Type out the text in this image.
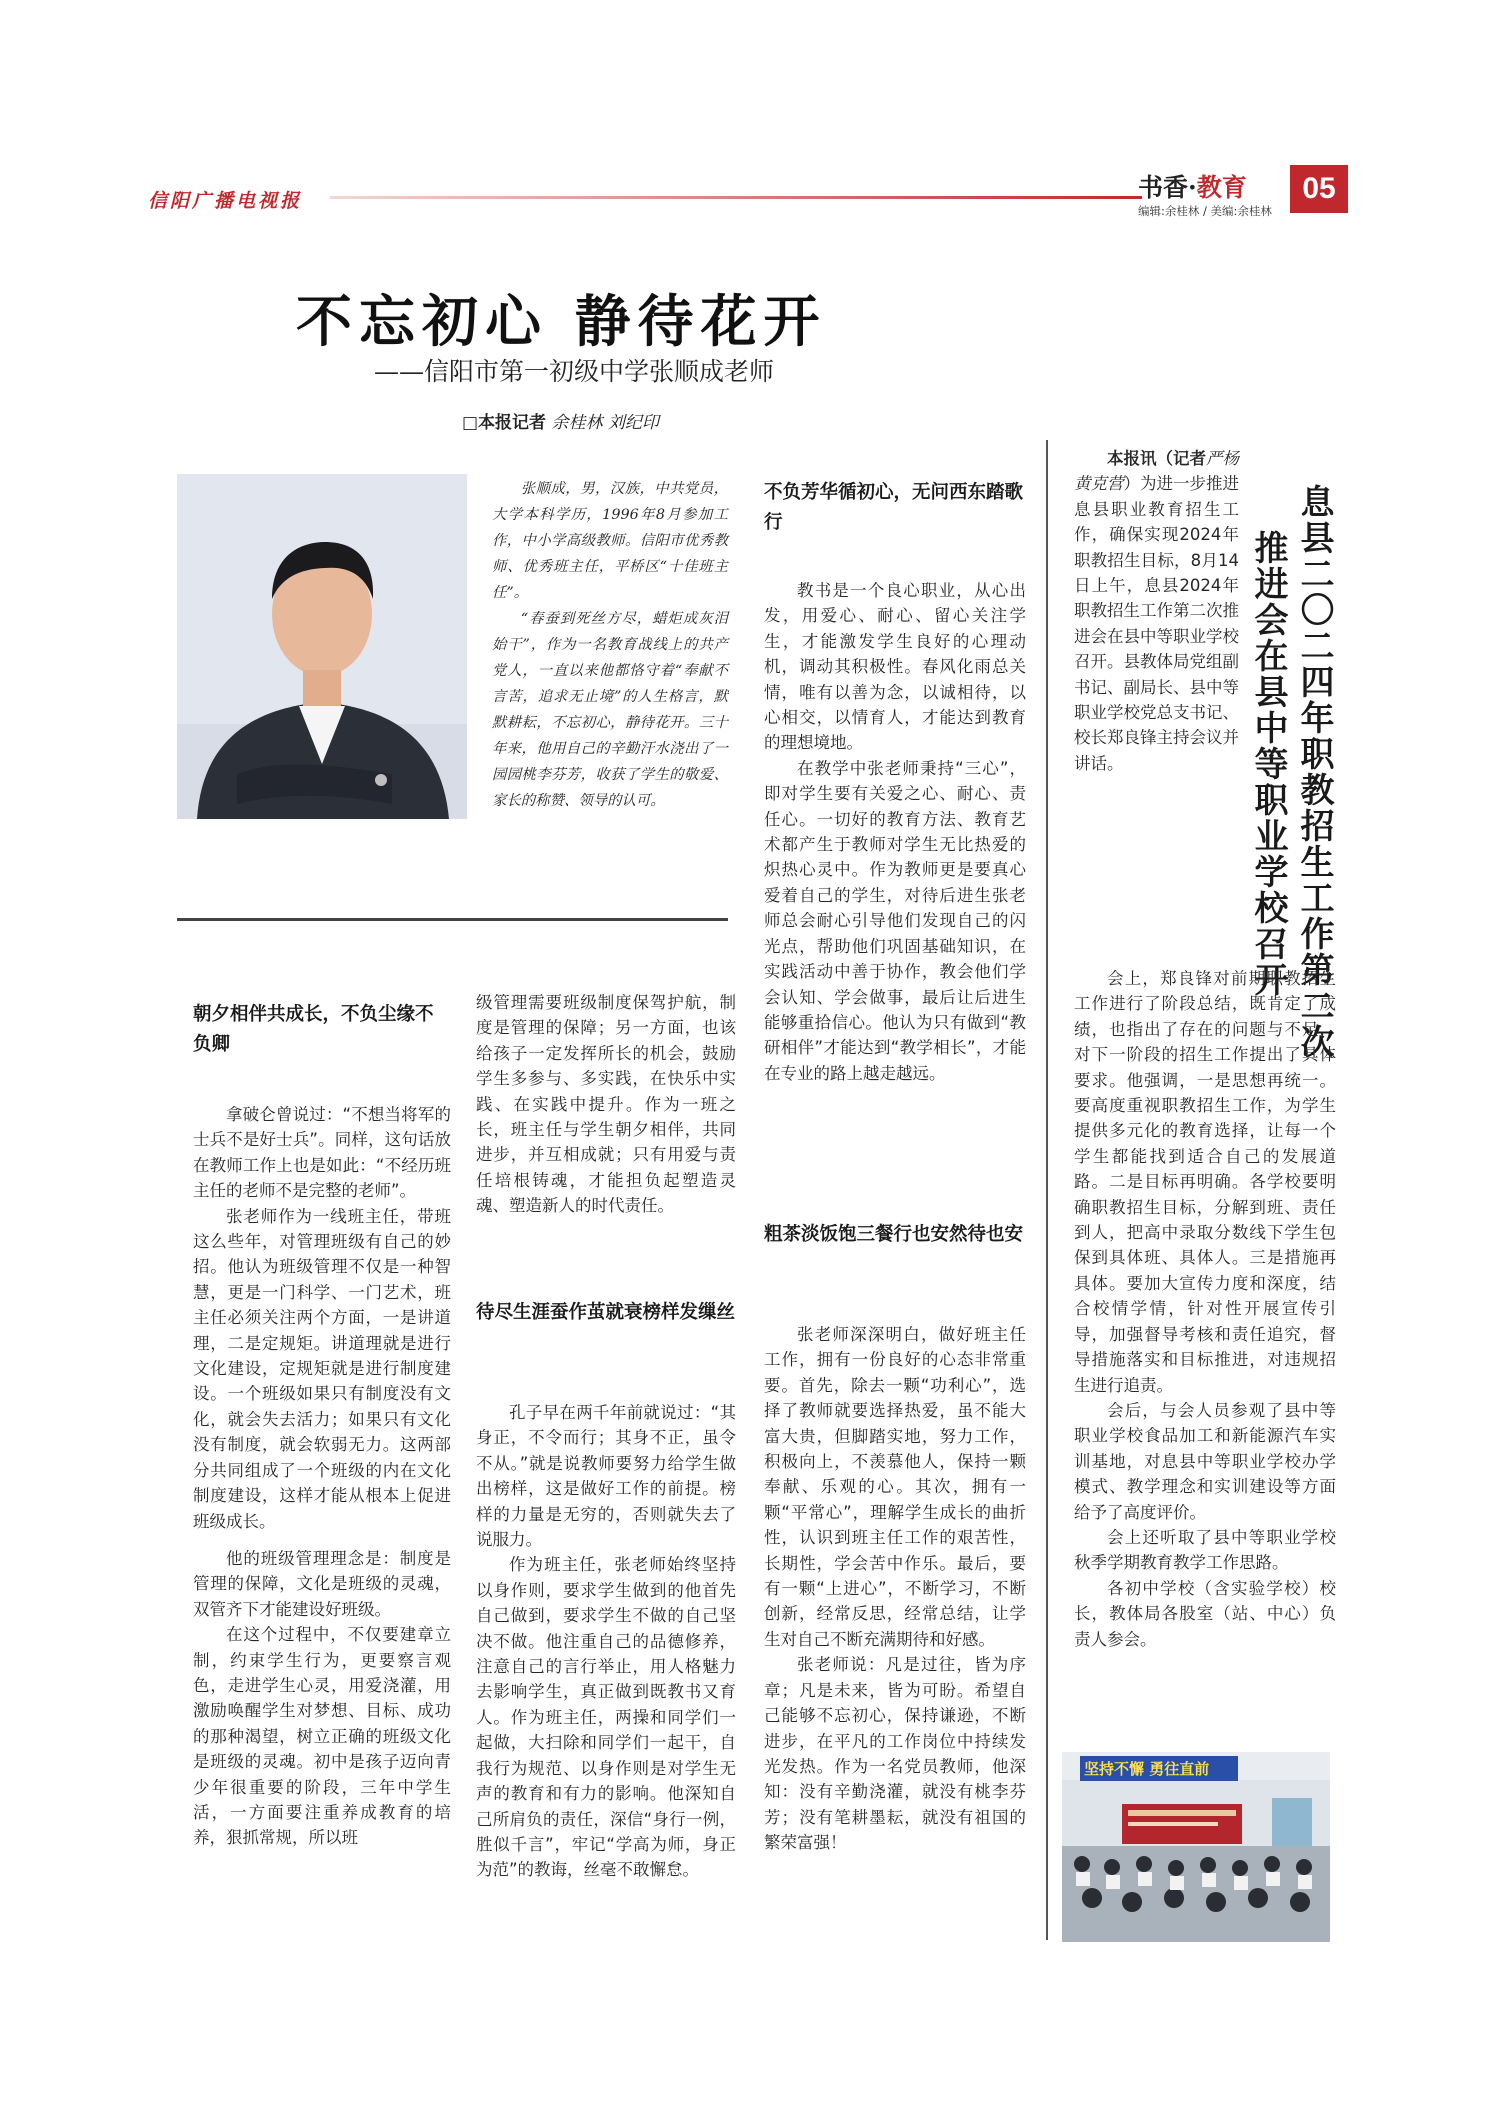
信阳广播电视报	书香·教育
编辑:余桂林 / 美编:余桂林
05
不忘初心 静待花开
——信阳市第一初级中学张顺成老师
□本报记者 余桂林 刘纪印

张顺成，男，汉族，中共党员，大学本科学历，1996年8月参加工作，中小学高级教师。信阳市优秀教师、优秀班主任，平桥区“十佳班主任”。

“春蚕到死丝方尽，蜡炬成灰泪始干”，作为一名教育战线上的共产党人，一直以来他都恪守着“奉献不言苦，追求无止境”的人生格言，默默耕耘，不忘初心，静待花开。三十年来，他用自己的辛勤汗水浇出了一园园桃李芬芳，收获了学生的敬爱、家长的称赞、领导的认可。

不负芳华循初心，无问西东踏歌行

教书是一个良心职业，从心出发，用爱心、耐心、留心关注学生，才能激发学生良好的心理动机，调动其积极性。春风化雨总关情，唯有以善为念，以诚相待，以心相交，以情育人，才能达到教育的理想境地。

在教学中张老师秉持“三心”，即对学生要有关爱之心、耐心、责任心。一切好的教育方法、教育艺术都产生于教师对学生无比热爱的炽热心灵中。作为教师更是要真心爱着自己的学生，对待后进生张老师总会耐心引导他们发现自己的闪光点，帮助他们巩固基础知识，在实践活动中善于协作，教会他们学会认知、学会做事，最后让后进生能够重拾信心。他认为只有做到“教研相伴”才能达到“教学相长”，才能在专业的路上越走越远。

朝夕相伴共成长，不负尘缘不负卿

拿破仑曾说过：“不想当将军的士兵不是好士兵”。同样，这句话放在教师工作上也是如此：“不经历班主任的老师不是完整的老师”。

张老师作为一线班主任，带班这么些年，对管理班级有自己的妙招。他认为班级管理不仅是一种智慧，更是一门科学、一门艺术，班主任必须关注两个方面，一是讲道理，二是定规矩。讲道理就是进行文化建设，定规矩就是进行制度建设。一个班级如果只有制度没有文化，就会失去活力；如果只有文化没有制度，就会软弱无力。这两部分共同组成了一个班级的内在文化制度建设，这样才能从根本上促进班级成长。

他的班级管理理念是：制度是管理的保障，文化是班级的灵魂，双管齐下才能建设好班级。

在这个过程中，不仅要建章立制，约束学生行为，更要察言观色，走进学生心灵，用爱浇灌，用激励唤醒学生对梦想、目标、成功的那种渴望，树立正确的班级文化是班级的灵魂。初中是孩子迈向青少年很重要的阶段，三年中学生活，一方面要注重养成教育的培养，狠抓常规，所以班

级管理需要班级制度保驾护航，制度是管理的保障；另一方面，也该给孩子一定发挥所长的机会，鼓励学生多参与、多实践，在快乐中实践、在实践中提升。作为一班之长，班主任与学生朝夕相伴，共同进步，并互相成就；只有用爱与责任培根铸魂，才能担负起塑造灵魂、塑造新人的时代责任。

待尽生涯蚕作茧就衰榜样发缫丝

孔子早在两千年前就说过：“其身正，不令而行；其身不正，虽令不从。”就是说教师要努力给学生做出榜样，这是做好工作的前提。榜样的力量是无穷的，否则就失去了说服力。

作为班主任，张老师始终坚持以身作则，要求学生做到的他首先自己做到，要求学生不做的自己坚决不做。他注重自己的品德修养，注意自己的言行举止，用人格魅力去影响学生，真正做到既教书又育人。作为班主任，两操和同学们一起做，大扫除和同学们一起干，自我行为规范、以身作则是对学生无声的教育和有力的影响。他深知自己所肩负的责任，深信“身行一例，胜似千言”，牢记“学高为师，身正为范”的教诲，丝毫不敢懈怠。

粗茶淡饭饱三餐行也安然待也安

张老师深深明白，做好班主任工作，拥有一份良好的心态非常重要。首先，除去一颗“功利心”，选择了教师就要选择热爱，虽不能大富大贵，但脚踏实地，努力工作，积极向上，不羡慕他人，保持一颗奉献、乐观的心。其次，拥有一颗“平常心”，理解学生成长的曲折性，认识到班主任工作的艰苦性，长期性，学会苦中作乐。最后，要有一颗“上进心”，不断学习，不断创新，经常反思，经常总结，让学生对自己不断充满期待和好感。

张老师说：凡是过往，皆为序章；凡是未来，皆为可盼。希望自己能够不忘初心，保持谦逊，不断进步，在平凡的工作岗位中持续发光发热。作为一名党员教师，他深知：没有辛勤浇灌，就没有桃李芬芳；没有笔耕墨耘，就没有祖国的繁荣富强！

息县二〇二四年职教招生工作第二次
推进会在县中等职业学校召开

本报讯（记者严杨 黄克营）为进一步推进息县职业教育招生工作，确保实现2024年职教招生目标，8月14日上午，息县2024年职教招生工作第二次推进会在县中等职业学校召开。县教体局党组副书记、副局长、县中等职业学校党总支书记、校长郑良锋主持会议并讲话。

会上，郑良锋对前期职教招生工作进行了阶段总结，既肯定了成绩，也指出了存在的问题与不足，对下一阶段的招生工作提出了具体要求。他强调，一是思想再统一。要高度重视职教招生工作，为学生提供多元化的教育选择，让每一个学生都能找到适合自己的发展道路。二是目标再明确。各学校要明确职教招生目标，分解到班、责任到人，把高中录取分数线下学生包保到具体班、具体人。三是措施再具体。要加大宣传力度和深度，结合校情学情，针对性开展宣传引导，加强督导考核和责任追究，督导措施落实和目标推进，对违规招生进行追责。

会后，与会人员参观了县中等职业学校食品加工和新能源汽车实训基地，对息县中等职业学校办学模式、教学理念和实训建设等方面给予了高度评价。

会上还听取了县中等职业学校秋季学期教育教学工作思路。

各初中学校（含实验学校）校长，教体局各股室（站、中心）负责人参会。

坚持不懈 勇往直前
